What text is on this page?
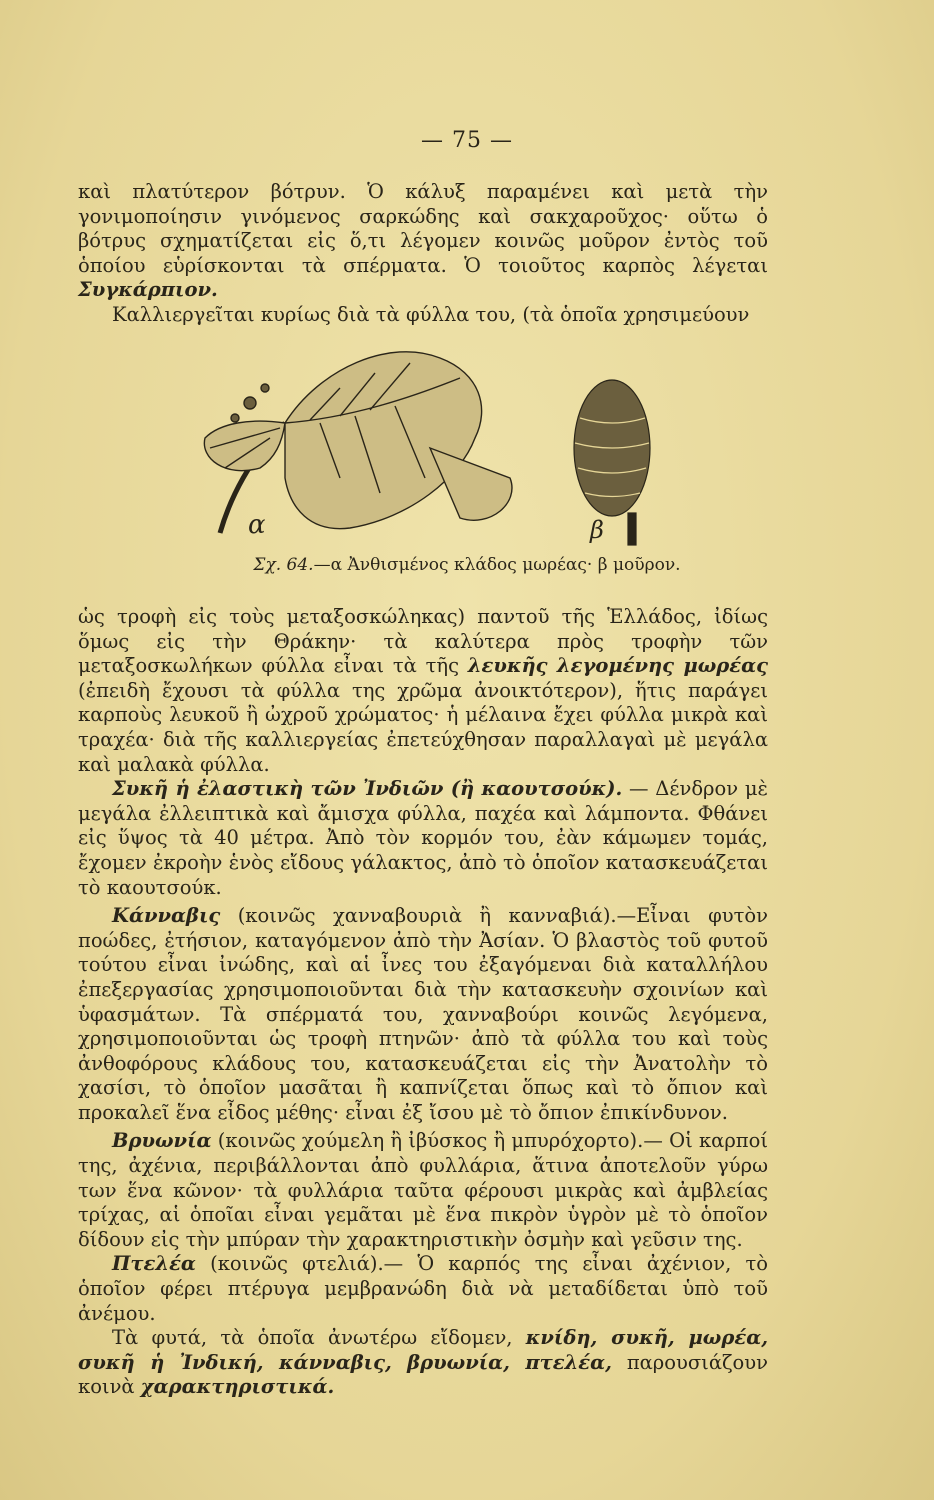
— 75 —

καὶ πλατύτερον βότρυν. Ὁ κάλυξ παραμένει καὶ μετὰ τὴν γονιμοποίησιν γινόμενος σαρκώδης καὶ σακχαροῦχος· οὕτω ὁ βότρυς σχηματίζεται εἰς ὅ,τι λέγομεν κοινῶς μοῦρον ἐντὸς τοῦ ὁποίου εὑρίσκονται τὰ σπέρματα. Ὁ τοιοῦτος καρπὸς λέγεται Συγκάρπιον.

Καλλιεργεῖται κυρίως διὰ τὰ φύλλα του, (τὰ ὁποῖα χρησιμεύουν

α	β
Σχ. 64.—α Ἀνθισμένος κλάδος μωρέας· β μοῦρον.

ὡς τροφὴ εἰς τοὺς μεταξοσκώληκας) παντοῦ τῆς Ἑλλάδος, ἰδίως ὅμως εἰς τὴν Θράκην· τὰ καλύτερα πρὸς τροφὴν τῶν μεταξοσκωλήκων φύλλα εἶναι τὰ τῆς λευκῆς λεγομένης μωρέας (ἐπειδὴ ἔχουσι τὰ φύλλα της χρῶμα ἀνοικτότερον), ἥτις παράγει καρποὺς λευκοῦ ἢ ὠχροῦ χρώματος· ἡ μέλαινα ἔχει φύλλα μικρὰ καὶ τραχέα· διὰ τῆς καλλιεργείας ἐπετεύχθησαν παραλλαγαὶ μὲ μεγάλα καὶ μαλακὰ φύλλα.

Συκῆ ἡ ἐλαστικὴ τῶν Ἰνδιῶν (ἢ καουτσούκ). — Δένδρον μὲ μεγάλα ἐλλειπτικὰ καὶ ἄμισχα φύλλα, παχέα καὶ λάμποντα. Φθάνει εἰς ὕψος τὰ 40 μέτρα. Ἀπὸ τὸν κορμόν του, ἐὰν κάμωμεν τομάς, ἔχομεν ἐκροὴν ἑνὸς εἴδους γάλακτος, ἀπὸ τὸ ὁποῖον κατασκευάζεται τὸ καουτσούκ.

Κάνναβις (κοινῶς χανναβουριὰ ἢ κανναβιά).—Εἶναι φυτὸν ποώδες, ἐτήσιον, καταγόμενον ἀπὸ τὴν Ἀσίαν. Ὁ βλαστὸς τοῦ φυτοῦ τούτου εἶναι ἰνώδης, καὶ αἱ ἶνες του ἐξαγόμεναι διὰ καταλλήλου ἐπεξεργασίας χρησιμοποιοῦνται διὰ τὴν κατασκευὴν σχοινίων καὶ ὑφασμάτων. Τὰ σπέρματά του, χανναβούρι κοινῶς λεγόμενα, χρησιμοποιοῦνται ὡς τροφὴ πτηνῶν· ἀπὸ τὰ φύλλα του καὶ τοὺς ἀνθοφόρους κλάδους του, κατασκευάζεται εἰς τὴν Ἀνατολὴν τὸ χασίσι, τὸ ὁποῖον μασᾶται ἢ καπνίζεται ὅπως καὶ τὸ ὄπιον καὶ προκαλεῖ ἕνα εἶδος μέθης· εἶναι ἐξ ἴσου μὲ τὸ ὄπιον ἐπικίνδυνον.

Βρυωνία (κοινῶς χούμελη ἢ ἰβύσκος ἢ μπυρόχορτο).— Οἱ καρποί της, ἀχένια, περιβάλλονται ἀπὸ φυλλάρια, ἅτινα ἀποτελοῦν γύρω των ἕνα κῶνον· τὰ φυλλάρια ταῦτα φέρουσι μικρὰς καὶ ἀμβλείας τρίχας, αἱ ὁποῖαι εἶναι γεμᾶται μὲ ἕνα πικρὸν ὑγρὸν μὲ τὸ ὁποῖον δίδουν εἰς τὴν μπύραν τὴν χαρακτηριστικὴν ὀσμὴν καὶ γεῦσιν της.

Πτελέα (κοινῶς φτελιά).— Ὁ καρπός της εἶναι ἀχένιον, τὸ ὁποῖον φέρει πτέρυγα μεμβρανώδη διὰ νὰ μεταδίδεται ὑπὸ τοῦ ἀνέμου.

Τὰ φυτά, τὰ ὁποῖα ἀνωτέρω εἴδομεν, κνίδη, συκῆ, μωρέα, συκῆ ἡ Ἰνδική, κάνναβις, βρυωνία, πτελέα, παρουσιάζουν κοινὰ χαρακτηριστικά.
